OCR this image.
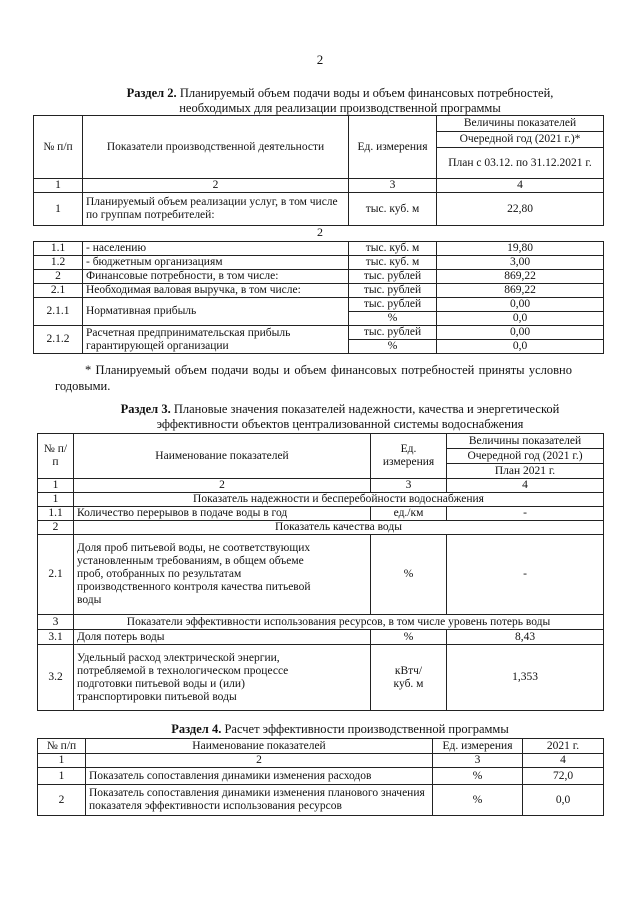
2
Раздел 2. Планируемый объем подачи воды и объем финансовых потребностей,
необходимых для реализации производственной программы
№ п/п	Показатели производственной деятельности	Ед. измерения	Величины показателей
			Очередной год (2021 г.)*
			План с 03.12. по 31.12.2021 г.
1	2	3	4
1	Планируемый объем реализации услуг, в том числе по группам потребителей:	тыс. куб. м	22,80
2
1.1	- населению	тыс. куб. м	19,80
1.2	- бюджетным организациям	тыс. куб. м	3,00
2	Финансовые потребности, в том числе:	тыс. рублей	869,22
2.1	Необходимая валовая выручка, в том числе:	тыс. рублей	869,22
2.1.1	Нормативная прибыль	тыс. рублей	0,00
		%	0,0
2.1.2	Расчетная предпринимательская прибыль гарантирующей организации	тыс. рублей	0,00
		%	0,0
* Планируемый объем подачи воды и объем финансовых потребностей приняты условно годовыми.
Раздел 3. Плановые значения показателей надежности, качества и энергетической
эффективности объектов централизованной системы водоснабжения
№ п/п	Наименование показателей	Ед. измерения	Величины показателей
			Очередной год (2021 г.)
			План 2021 г.
1	2	3	4
1	Показатель надежности и бесперебойности водоснабжения		
1.1	Количество перерывов в подаче воды в год	ед./км	-
2	Показатель качества воды		
2.1	Доля проб питьевой воды, не соответствующих установленным требованиям, в общем объеме проб, отобранных по результатам производственного контроля качества питьевой воды	%	-
3	Показатели эффективности использования ресурсов, в том числе уровень потерь воды		
3.1	Доля потерь воды	%	8,43
3.2	Удельный расход электрической энергии, потребляемой в технологическом процессе подготовки питьевой воды и (или) транспортировки питьевой воды	кВтч/ куб. м	1,353
Раздел 4. Расчет эффективности производственной программы
№ п/п	Наименование показателей	Ед. измерения	2021 г.
1	2	3	4
1	Показатель сопоставления динамики изменения расходов	%	72,0
2	Показатель сопоставления динамики изменения планового значения показателя эффективности использования ресурсов	%	0,0
